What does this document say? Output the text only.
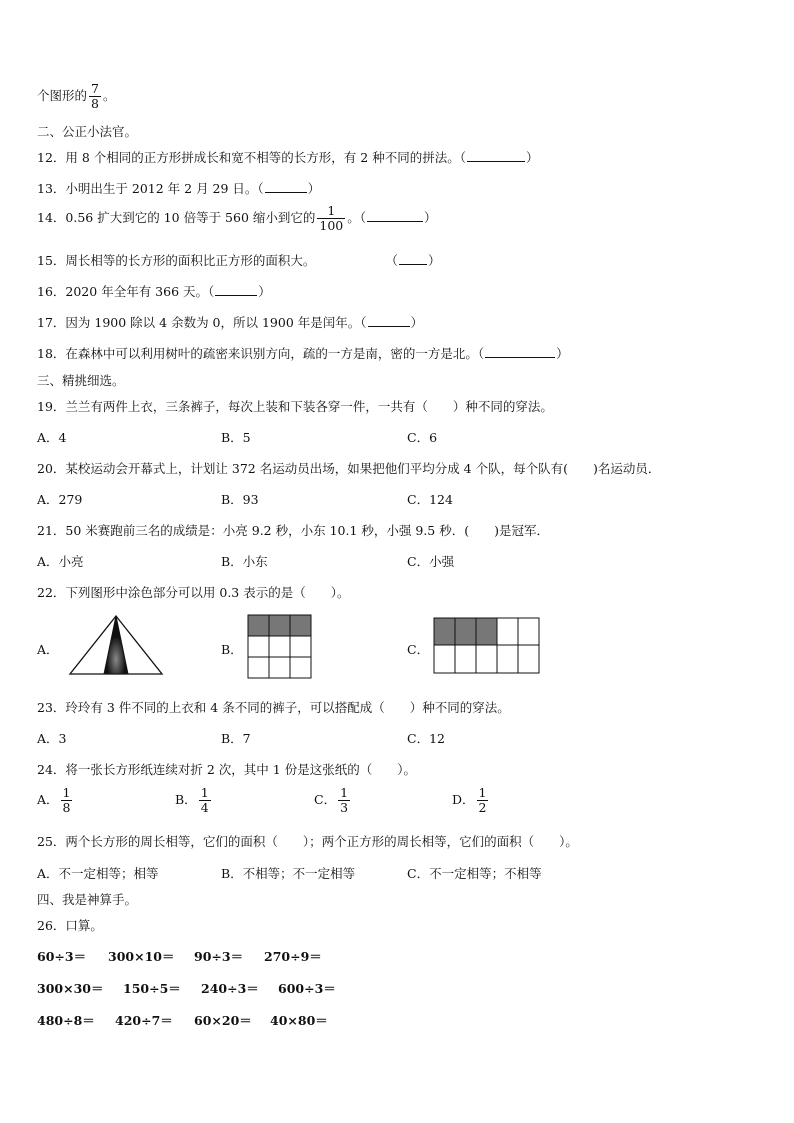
个图形的 $\frac{7}{8}$ 。
二、公正小法官。
12．用 8 个相同的正方形拼成长和宽不相等的长方形，有 2 种不同的拼法。（	）
13．小明出生于 2012 年 2 月 29 日。（	）
14．0.56 扩大到它的 10 倍等于 560 缩小到它的 $\frac{1}{100}$ 。（	）
15．周长相等的长方形的面积比正方形的面积大。	（ ）
16．2020 年全年有 366 天。（	）
17．因为 1900 除以 4 余数为 0，所以 1900 年是闰年。（	）
18．在森林中可以利用树叶的疏密来识别方向，疏的一方是南，密的一方是北。（	）
三、精挑细选。
19．兰兰有两件上衣，三条裤子，每次上装和下装各穿一件，一共有（　　）种不同的穿法。
A．4	B．5	C．6
20．某校运动会开幕式上，计划让 372 名运动员出场，如果把他们平均分成 4 个队，每个队有(　　)名运动员．
A．279	B．93	C．124
21．50 米赛跑前三名的成绩是：小亮 9.2 秒，小东 10.1 秒，小强 9.5 秒．(　　)是冠军．
A．小亮	B．小东	C．小强
22．下列图形中涂色部分可以用 0.3 表示的是（　　）。
A．	B．	C．
23．玲玲有 3 件不同的上衣和 4 条不同的裤子，可以搭配成（　　）种不同的穿法。
A．3	B．7	C．12
24．将一张长方形纸连续对折 2 次，其中 1 份是这张纸的（　　）。
A． $\frac{1}{8}$	B． $\frac{1}{4}$	C． $\frac{1}{3}$	D． $\frac{1}{2}$
25．两个长方形的周长相等，它们的面积（　　）；两个正方形的周长相等，它们的面积（　　）。
A．不一定相等；相等	B．不相等；不一定相等	C．不一定相等；不相等
四、我是神算手。
26．口算。
60÷3＝ 300×10＝ 90÷3＝ 270÷9＝
300×30＝ 150÷5＝ 240÷3＝ 600÷3＝
480÷8＝ 420÷7＝ 60×20＝ 40×80＝
